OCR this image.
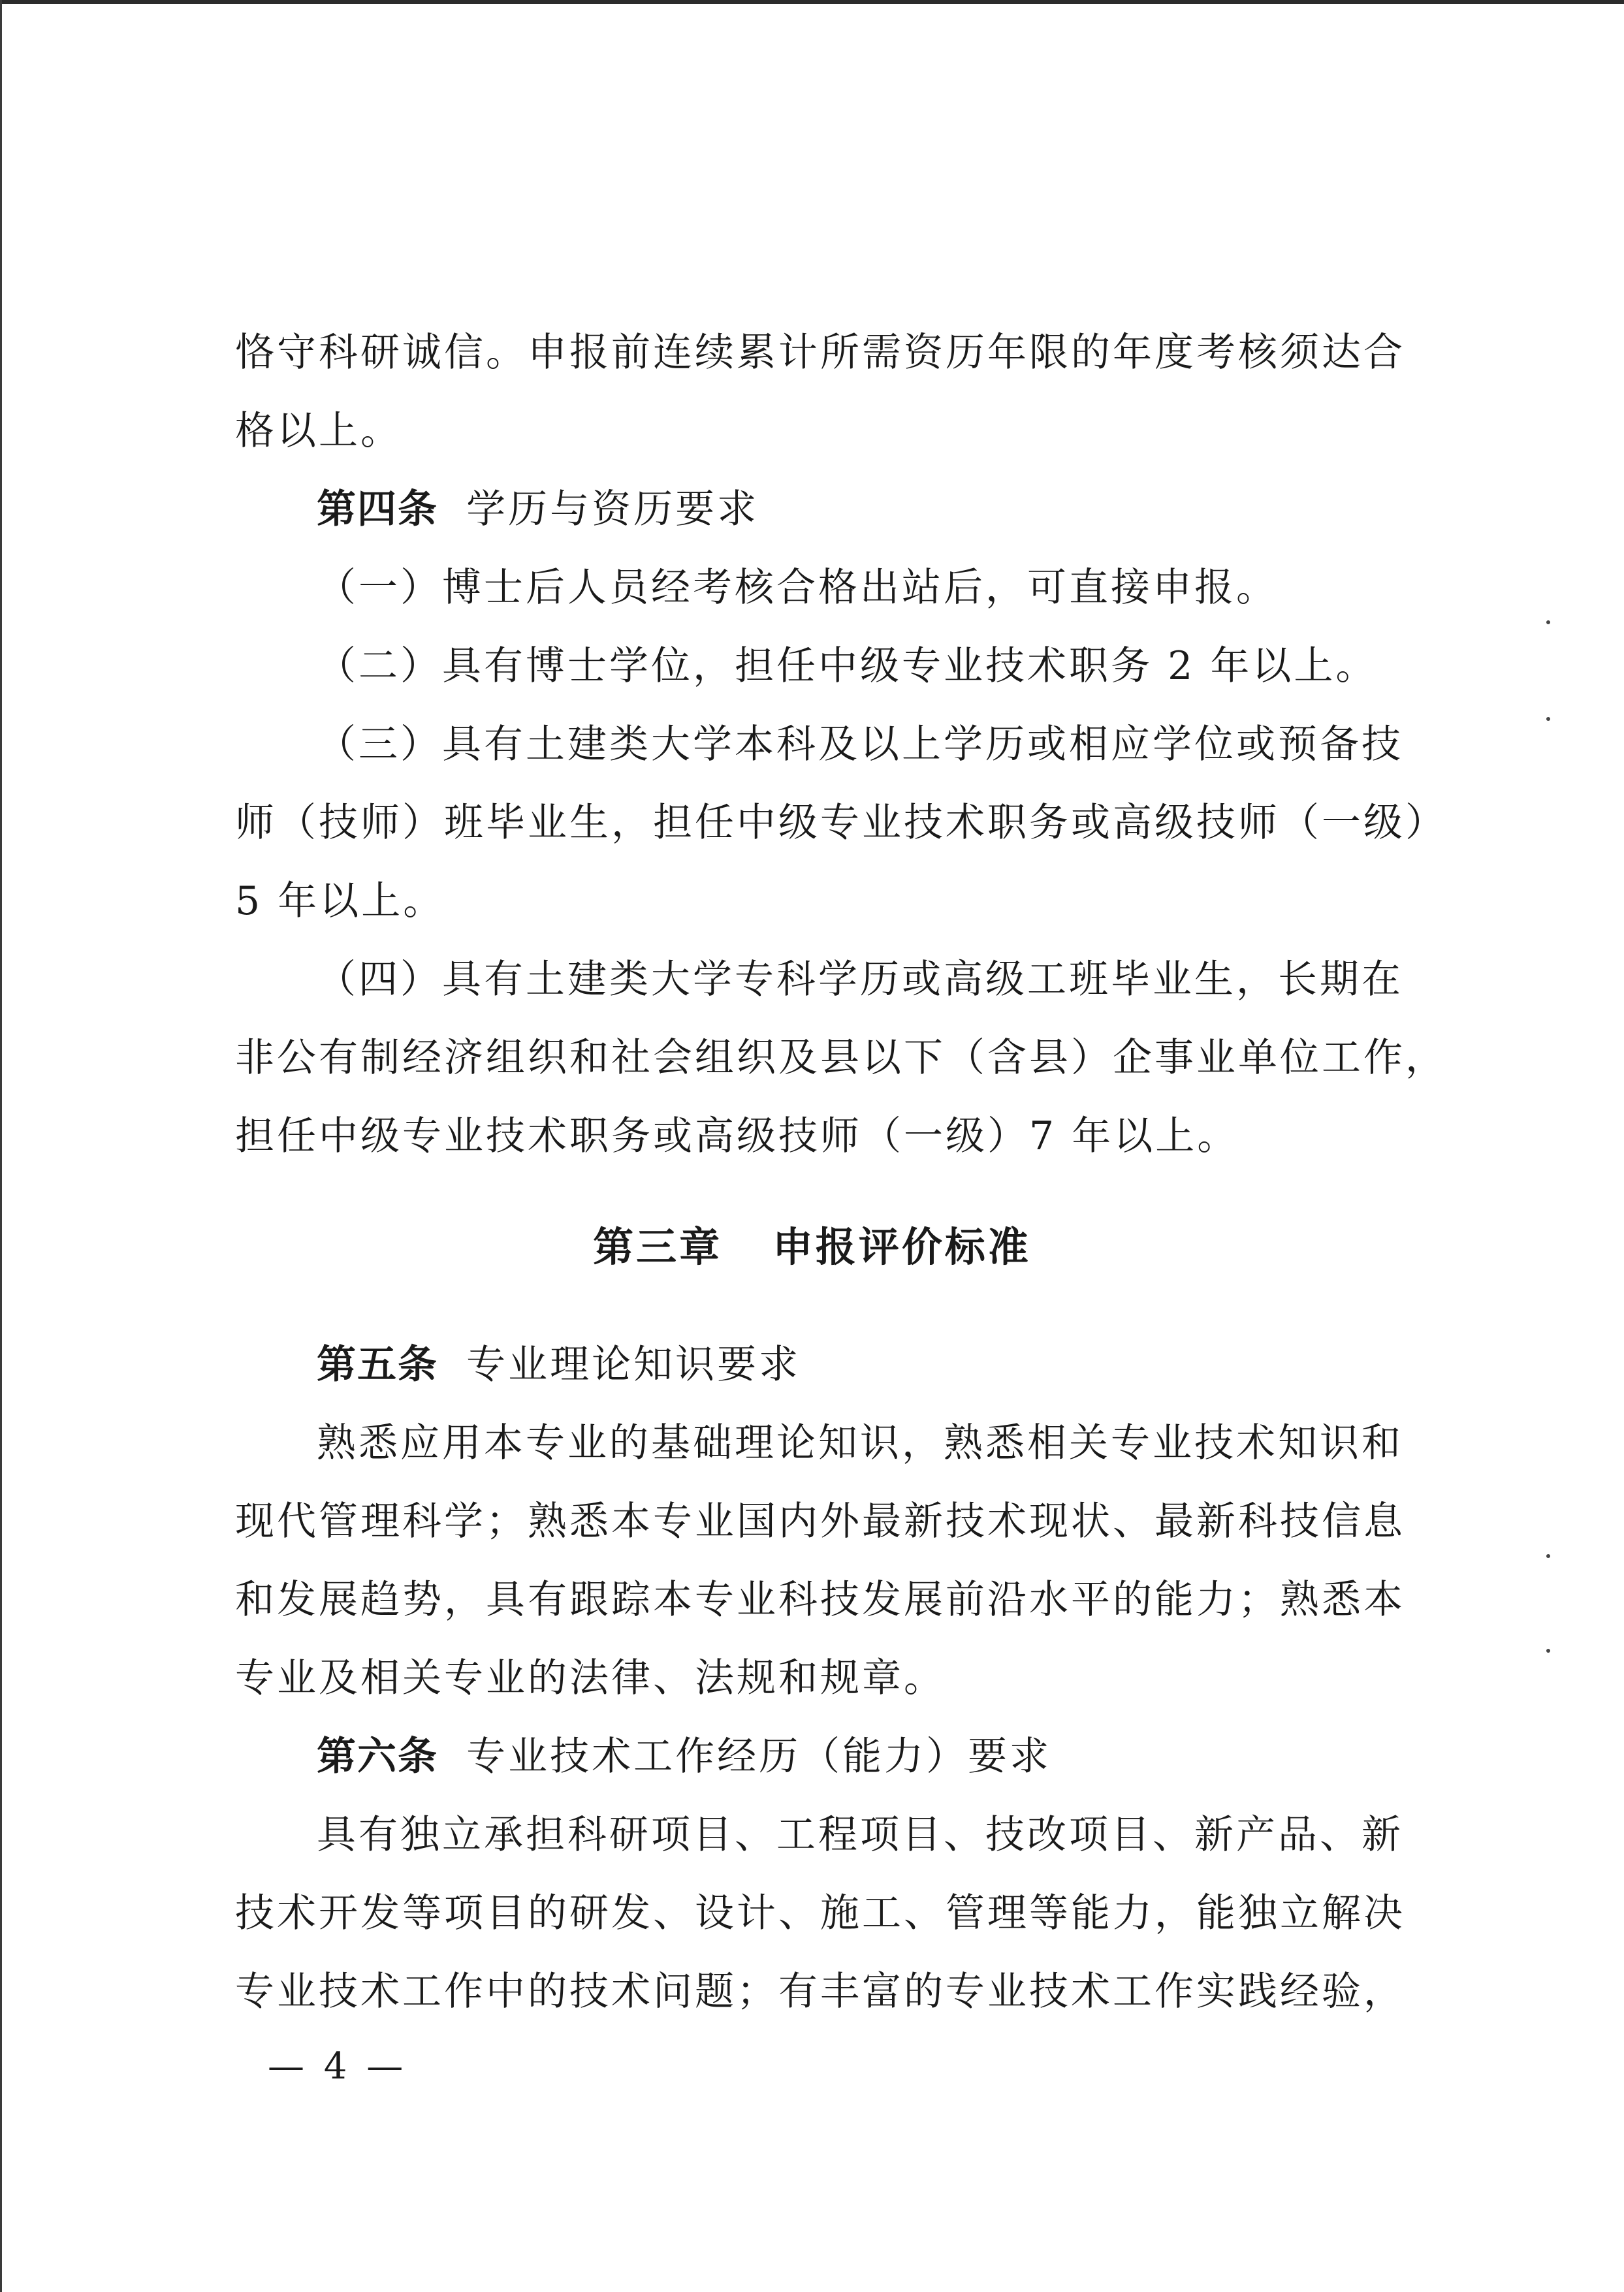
恪守科研诚信。申报前连续累计所需资历年限的年度考核须达合
格以上。
第四条 学历与资历要求
（一）博士后人员经考核合格出站后，可直接申报。
（二）具有博士学位，担任中级专业技术职务 2 年以上。
（三）具有土建类大学本科及以上学历或相应学位或预备技
师（技师）班毕业生，担任中级专业技术职务或高级技师（一级）
5 年以上。
（四）具有土建类大学专科学历或高级工班毕业生，长期在
非公有制经济组织和社会组织及县以下（含县）企事业单位工作，
担任中级专业技术职务或高级技师（一级）7 年以上。
第三章 申报评价标准
第五条 专业理论知识要求
熟悉应用本专业的基础理论知识，熟悉相关专业技术知识和
现代管理科学；熟悉本专业国内外最新技术现状、最新科技信息
和发展趋势，具有跟踪本专业科技发展前沿水平的能力；熟悉本
专业及相关专业的法律、法规和规章。
第六条 专业技术工作经历（能力）要求
具有独立承担科研项目、工程项目、技改项目、新产品、新
技术开发等项目的研发、设计、施工、管理等能力，能独立解决
专业技术工作中的技术问题；有丰富的专业技术工作实践经验，
— 4 —
